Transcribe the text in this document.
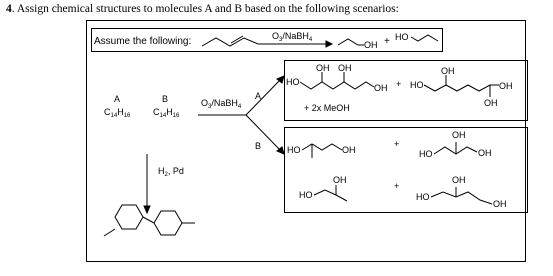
4. Assign chemical structures to molecules A and B based on the following scenarios:
Assume the following:	$O_3/NaBH_4$	OH + HO
A
$C_{14}H_{16}$
B
$C_{14}H_{16}$
$O_3/NaBH_4$
A
B
$H_2$, Pd
HO
OH OH
OH + HO
OH
OH
OH
+ 2x MeOH
HO	OH
+
OH
HO	OH
OH
HO
+
OH
HO
OH
